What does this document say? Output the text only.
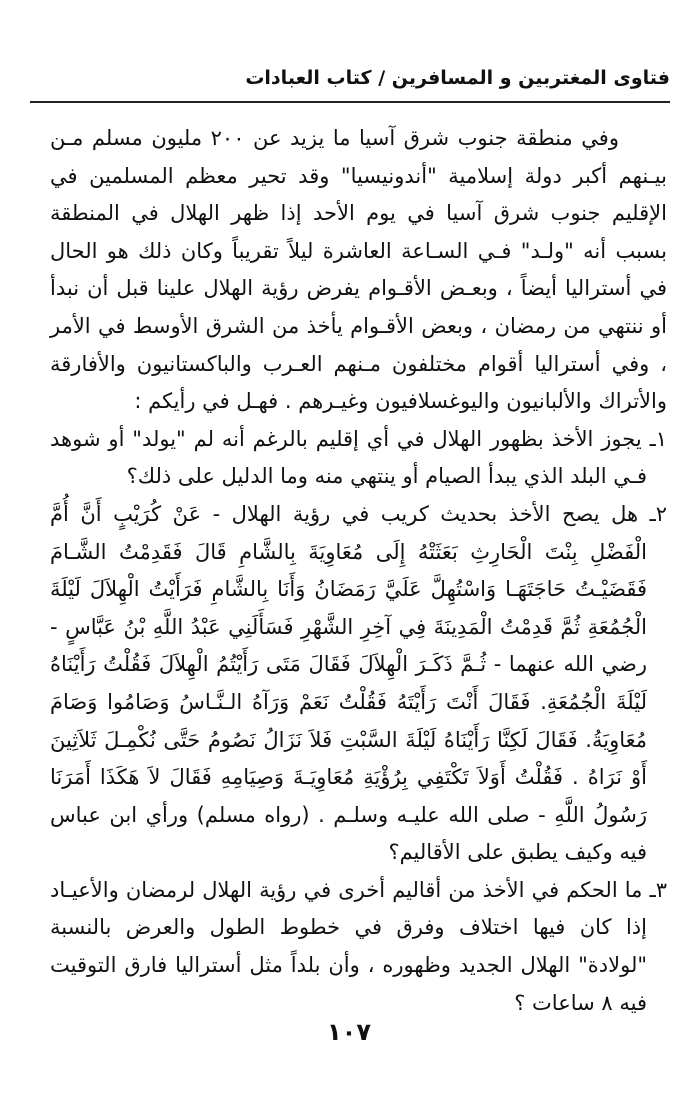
فتاوى المغتربين و المسافرين / كتاب العبادات

وفي منطقة جنوب شرق آسيا ما يزيد عن ٢٠٠ مليون مسلم مـن بيـنهم أكبر دولة إسلامية "أندونيسيا" وقد تحير معظم المسلمين في الإقليم جنوب شرق آسيا في يوم الأحد إذا ظهر الهلال في المنطقة بسبب أنه "ولـد" فـي السـاعة العاشرة ليلاً تقريباً وكان ذلك هو الحال في أستراليا أيضاً ، وبعـض الأقـوام يفرض رؤية الهلال علينا قبل أن نبدأ أو ننتهي من رمضان ، وبعض الأقـوام يأخذ من الشرق الأوسط في الأمر ، وفي أستراليا أقوام مختلفون مـنهم العـرب والباكستانيون والأفارقة والأتراك والألبانيون واليوغسلافيون وغيـرهم . فهـل في رأيكم :

١ـ يجوز الأخذ بظهور الهلال في أي إقليم بالرغم أنه لم "يولد" أو شوهد فـي البلد الذي يبدأ الصيام أو ينتهي منه وما الدليل على ذلك؟

٢ـ هل يصح الأخذ بحديث كريب في رؤية الهلال - عَنْ كُرَيْبٍ أَنَّ أُمَّ الْفَضْلِ بِنْتَ الْحَارِثِ بَعَثَتْهُ إِلَى مُعَاوِيَةَ بِالشَّامِ قَالَ فَقَدِمْتُ الشَّـامَ فَقَضَيْـتُ حَاجَتَهَـا وَاسْتُهِلَّ عَلَيَّ رَمَضَانُ وَأَنَا بِالشَّامِ فَرَأَيْتُ الْهِلاَلَ لَيْلَةَ الْجُمُعَةِ ثُمَّ قَدِمْتُ الْمَدِينَةَ فِي آخِرِ الشَّهْرِ فَسَأَلَنِي عَبْدُ اللَّهِ بْنُ عَبَّاسٍ - رضي الله عنهما - ثُـمَّ ذَكَـرَ الْهِلاَلَ فَقَالَ مَتَى رَأَيْتُمُ الْهِلاَلَ فَقُلْتُ رَأَيْنَاهُ لَيْلَةَ الْجُمُعَةِ. فَقَالَ أَنْتَ رَأَيْتَهُ فَقُلْتُ نَعَمْ وَرَآهُ الـنَّـاسُ وَصَامُوا وَصَامَ مُعَاوِيَةُ. فَقَالَ لَكِنَّا رَأَيْنَاهُ لَيْلَةَ السَّبْتِ فَلاَ نَزَالُ نَصُومُ حَتَّى نُكْمِـلَ ثَلاَثِينَ أَوْ نَرَاهُ . فَقُلْتُ أَوَلاَ تَكْتَفِي بِرُؤْيَةِ مُعَاوِيَـةَ وَصِيَامِهِ فَقَالَ لاَ هَكَذَا أَمَرَنَا رَسُولُ اللَّهِ - صلى الله عليـه وسلـم . (رواه مسلم) ورأي ابن عباس فيه وكيف يطبق على الأقاليم؟

٣ـ ما الحكم في الأخذ من أقاليم أخرى في رؤية الهلال لرمضان والأعيـاد إذا كان فيها اختلاف وفرق في خطوط الطول والعرض بالنسبة "لولادة" الهلال الجديد وظهوره ، وأن بلداً مثل أستراليا فارق التوقيت فيه ٨ ساعات ؟

١٠٧
